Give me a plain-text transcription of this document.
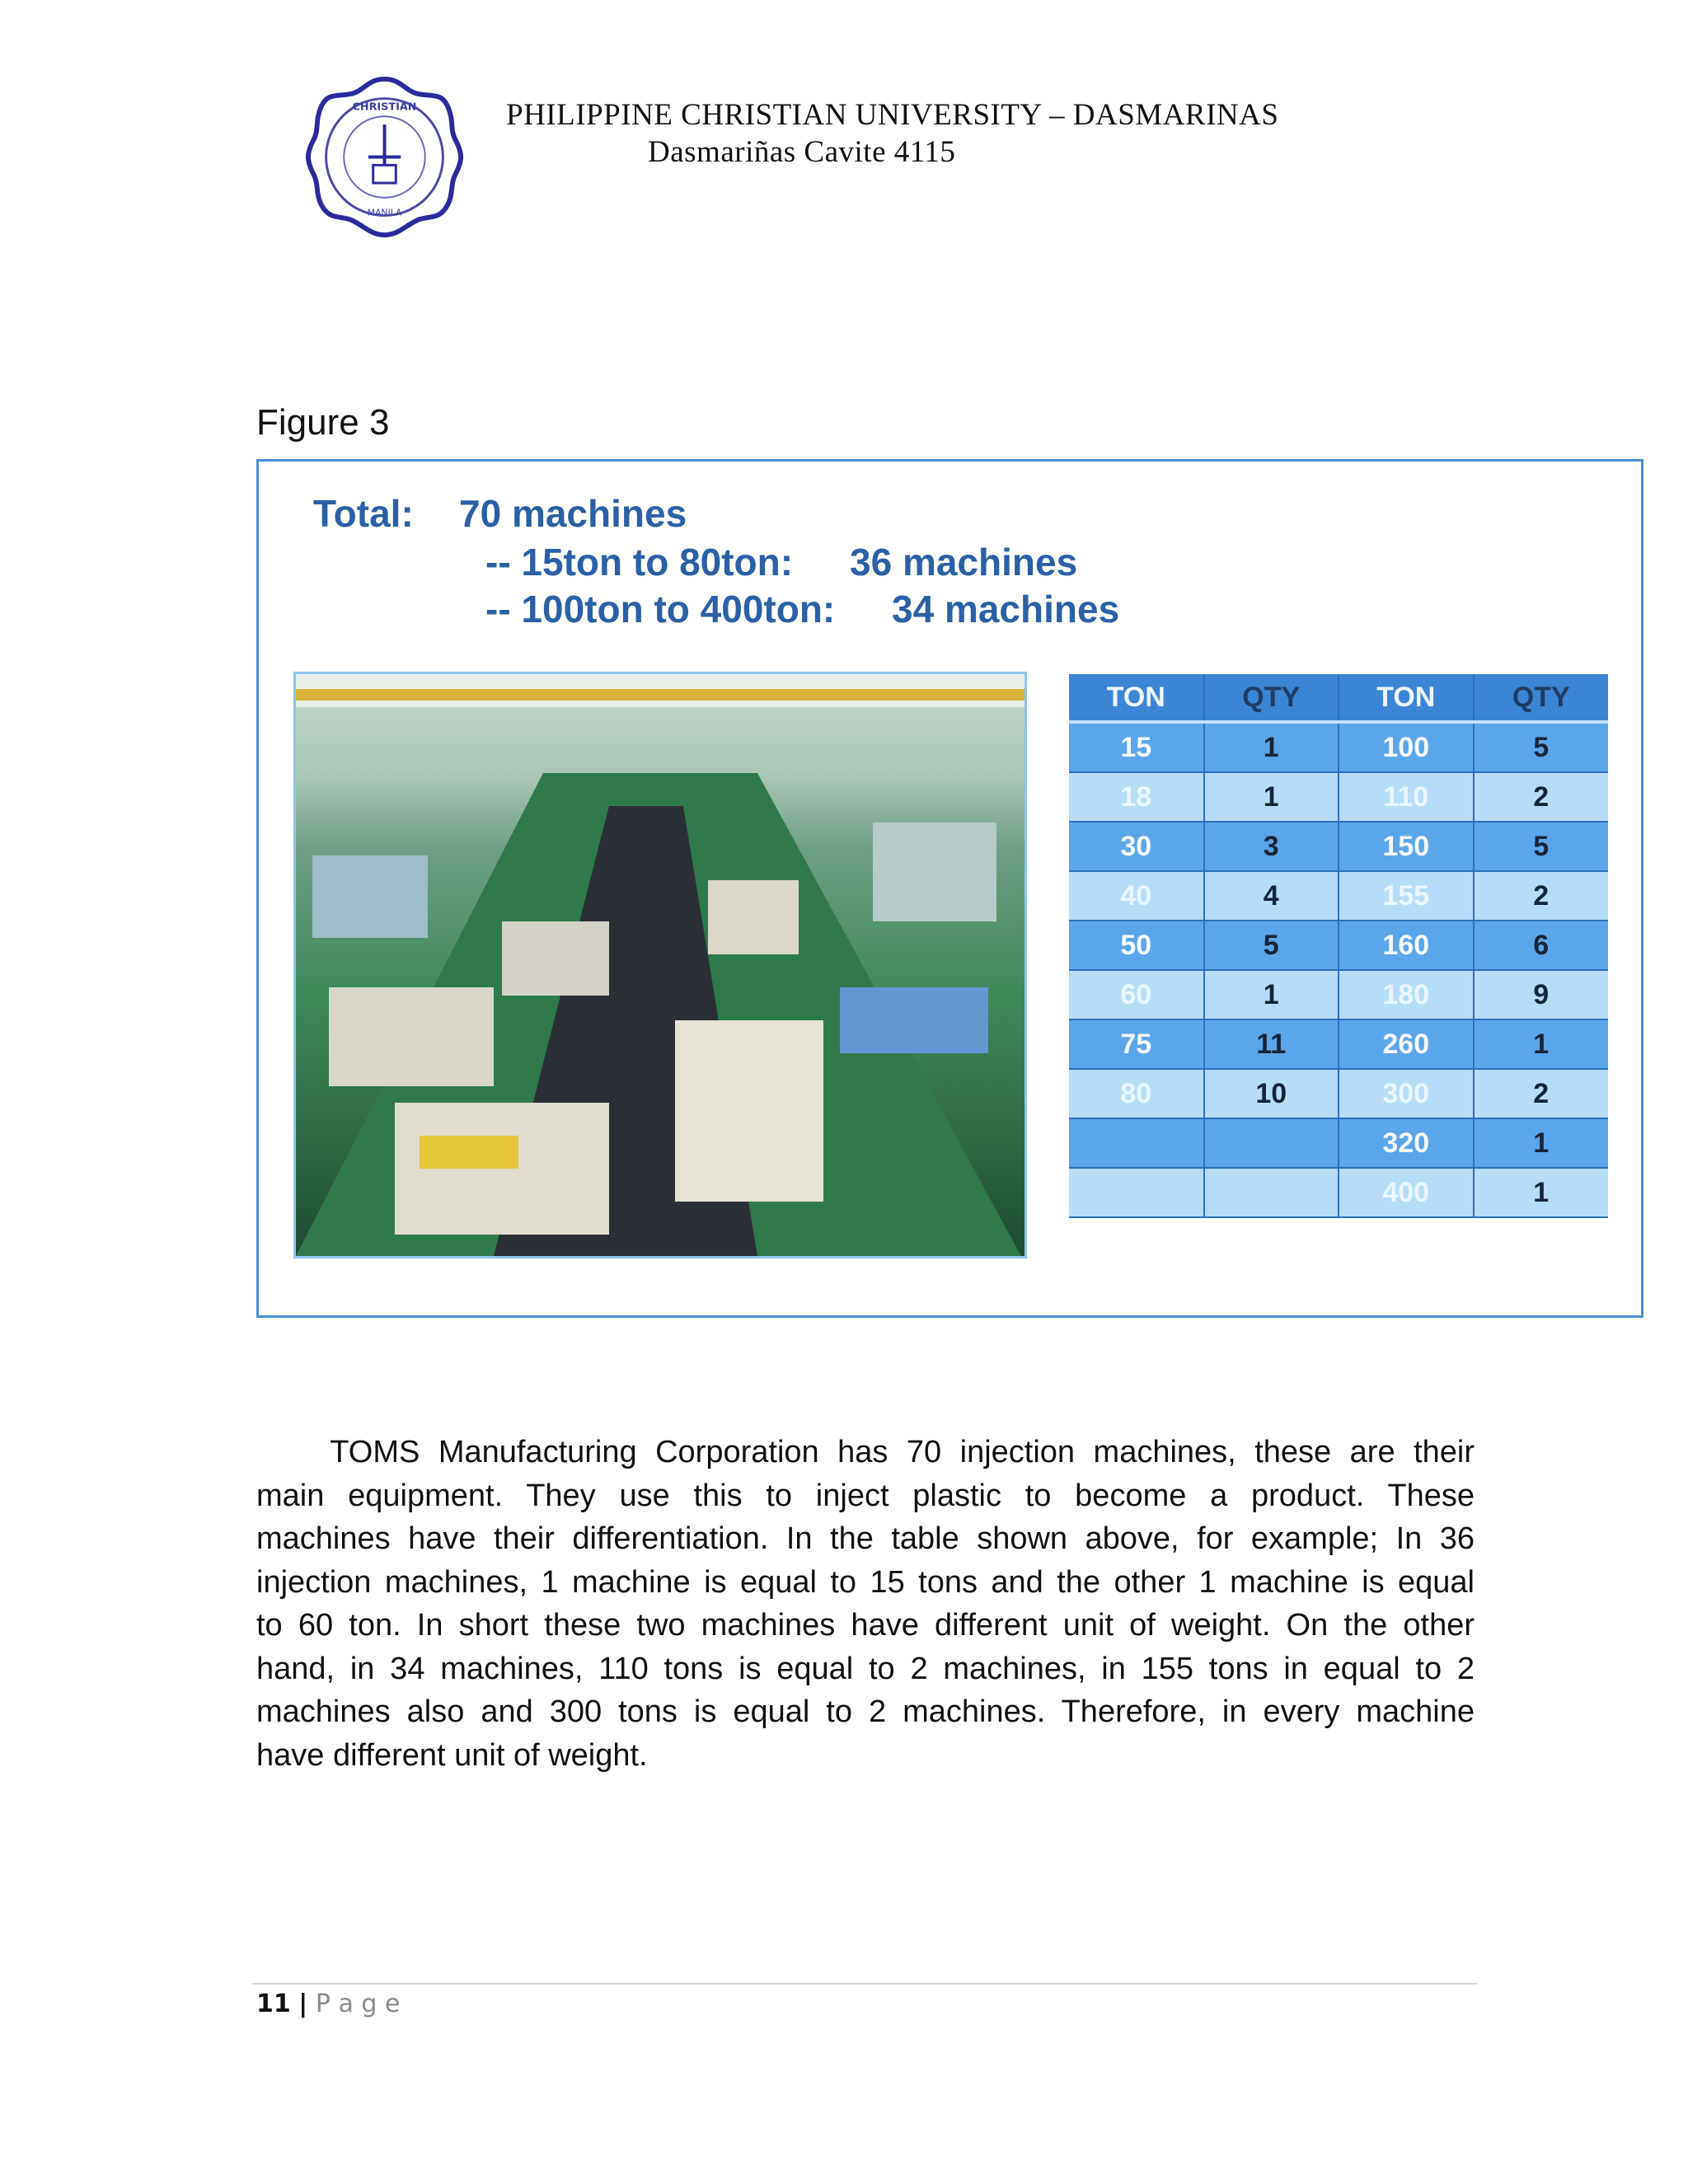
CHRISTIAN
MANILA
PHILIPPINE CHRISTIAN UNIVERSITY – DASMARINAS
Dasmariñas Cavite 4115
Figure 3
Total: 70 machines
-- 15ton to 80ton: 36 machines
-- 100ton to 400ton: 34 machines
TON	QTY	TON	QTY
15	1	100	5
18	1	110	2
30	3	150	5
40	4	155	2
50	5	160	6
60	1	180	9
75	11	260	1
80	10	300	2
		320	1
		400	1
TOMS Manufacturing Corporation has 70 injection machines, these are their
main equipment. They use this to inject plastic to become a product. These
machines have their differentiation. In the table shown above, for example; In 36
injection machines, 1 machine is equal to 15 tons and the other 1 machine is equal
to 60 ton. In short these two machines have different unit of weight. On the other
hand, in 34 machines, 110 tons is equal to 2 machines, in 155 tons in equal to 2
machines also and 300 tons is equal to 2 machines. Therefore, in every machine
have different unit of weight.
11 | P a g e
